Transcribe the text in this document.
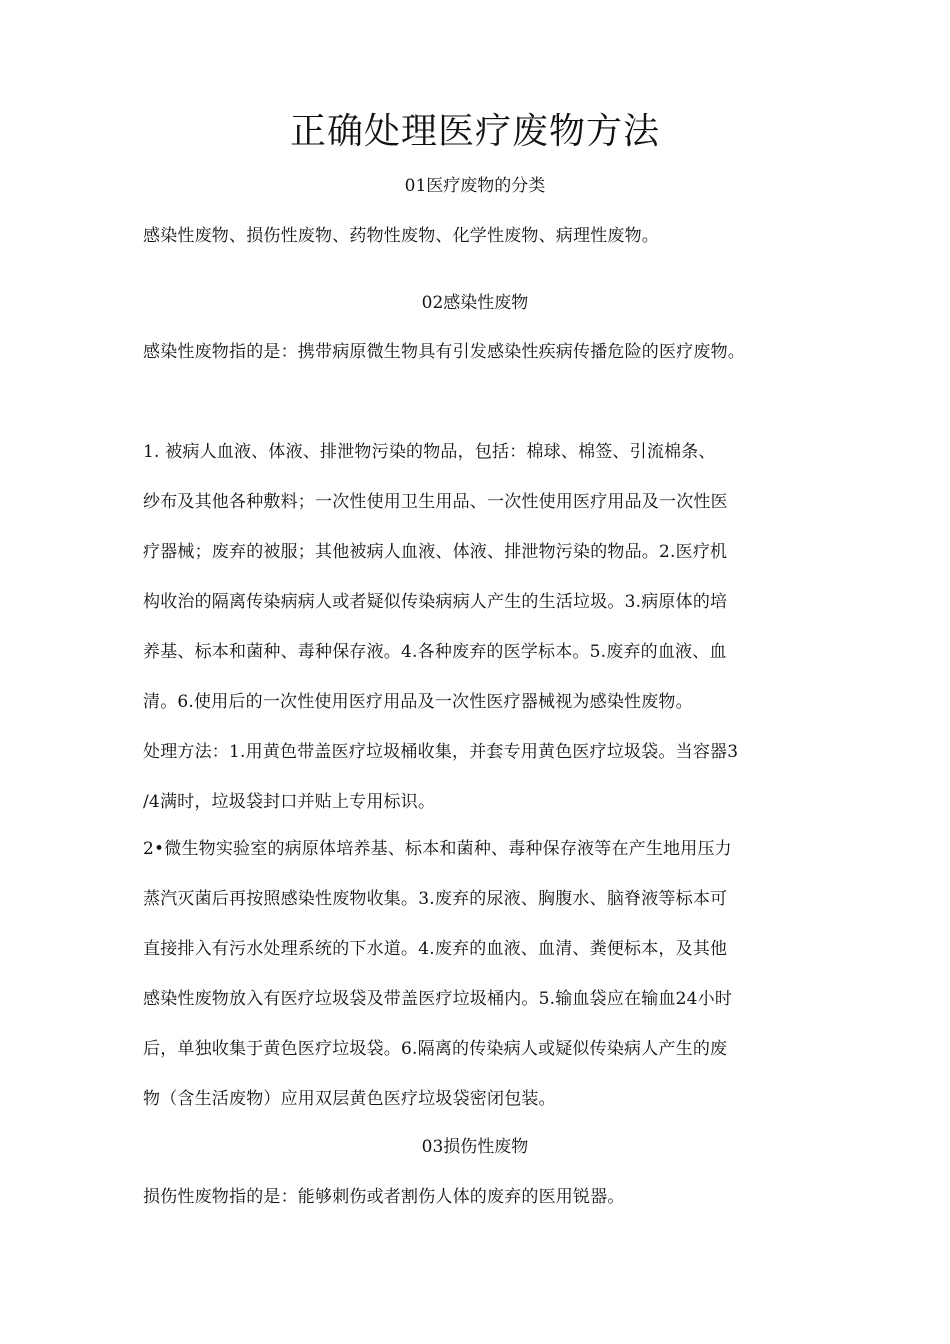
正确处理医疗废物方法
01医疗废物的分类
感染性废物、损伤性废物、药物性废物、化学性废物、病理性废物。
02感染性废物
感染性废物指的是：携带病原微生物具有引发感染性疾病传播危险的医疗废物。
1. 被病人血液、体液、排泄物污染的物品，包括：棉球、棉签、引流棉条、
纱布及其他各种敷料；一次性使用卫生用品、一次性使用医疗用品及一次性医
疗器械；废弃的被服；其他被病人血液、体液、排泄物污染的物品。2.医疗机
构收治的隔离传染病病人或者疑似传染病病人产生的生活垃圾。3.病原体的培
养基、标本和菌种、毒种保存液。4.各种废弃的医学标本。5.废弃的血液、血
清。6.使用后的一次性使用医疗用品及一次性医疗器械视为感染性废物。
处理方法：1.用黄色带盖医疗垃圾桶收集，并套专用黄色医疗垃圾袋。当容器3
/4满时，垃圾袋封口并贴上专用标识。
2•微生物实验室的病原体培养基、标本和菌种、毒种保存液等在产生地用压力
蒸汽灭菌后再按照感染性废物收集。3.废弃的尿液、胸腹水、脑脊液等标本可
直接排入有污水处理系统的下水道。4.废弃的血液、血清、粪便标本，及其他
感染性废物放入有医疗垃圾袋及带盖医疗垃圾桶内。5.输血袋应在输血24小时
后，单独收集于黄色医疗垃圾袋。6.隔离的传染病人或疑似传染病人产生的废
物（含生活废物）应用双层黄色医疗垃圾袋密闭包装。
03损伤性废物
损伤性废物指的是：能够刺伤或者割伤人体的废弃的医用锐器。
